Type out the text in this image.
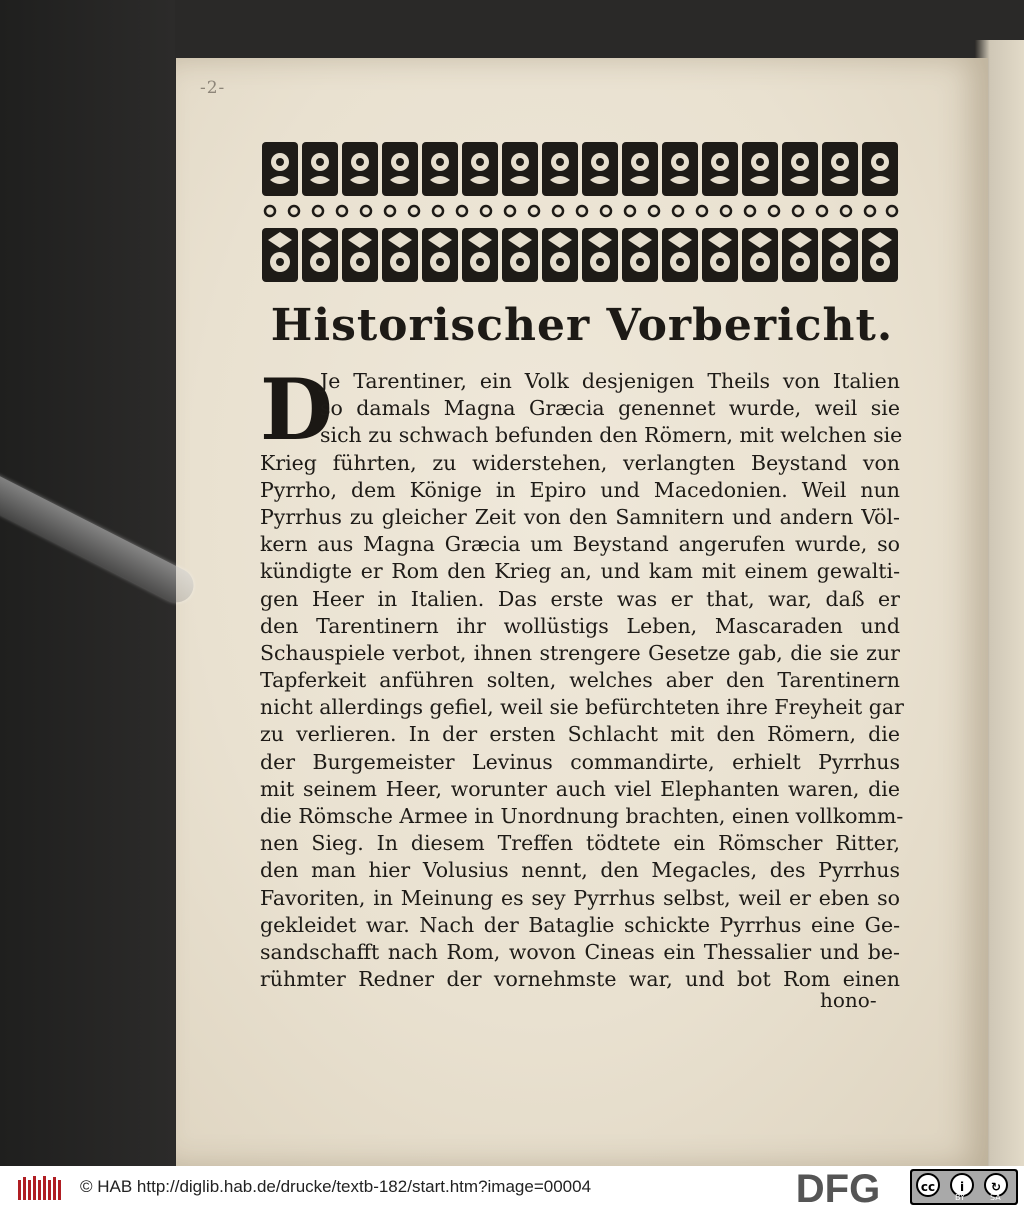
-2-
Historischer Vorbericht.
D
Je Tarentiner, ein Volk desjenigen Theils von Italien
so damals Magna Græcia genennet wurde, weil sie
sich zu schwach befunden den Römern, mit welchen sie
Krieg führten, zu widerstehen, verlangten Beystand von
Pyrrho, dem Könige in Epiro und Macedonien. Weil nun
Pyrrhus zu gleicher Zeit von den Samnitern und andern Völ-
kern aus Magna Græcia um Beystand angerufen wurde, so
kündigte er Rom den Krieg an, und kam mit einem gewalti-
gen Heer in Italien. Das erste was er that, war, daß er
den Tarentinern ihr wollüstigs Leben, Mascaraden und
Schauspiele verbot, ihnen strengere Gesetze gab, die sie zur
Tapferkeit anführen solten, welches aber den Tarentinern
nicht allerdings gefiel, weil sie befürchteten ihre Freyheit gar
zu verlieren. In der ersten Schlacht mit den Römern, die
der Burgemeister Levinus commandirte, erhielt Pyrrhus
mit seinem Heer, worunter auch viel Elephanten waren, die
die Römsche Armee in Unordnung brachten, einen vollkomm-
nen Sieg. In diesem Treffen tödtete ein Römscher Ritter,
den man hier Volusius nennt, den Megacles, des Pyrrhus
Favoriten, in Meinung es sey Pyrrhus selbst, weil er eben so
gekleidet war. Nach der Bataglie schickte Pyrrhus eine Ge-
sandschafft nach Rom, wovon Cineas ein Thessalier und be-
rühmter Redner der vornehmste war, und bot Rom einen
hono-
© HAB http://diglib.hab.de/drucke/textb-182/start.htm?image=00004	DFG	cc	i	↻
BY	SA
